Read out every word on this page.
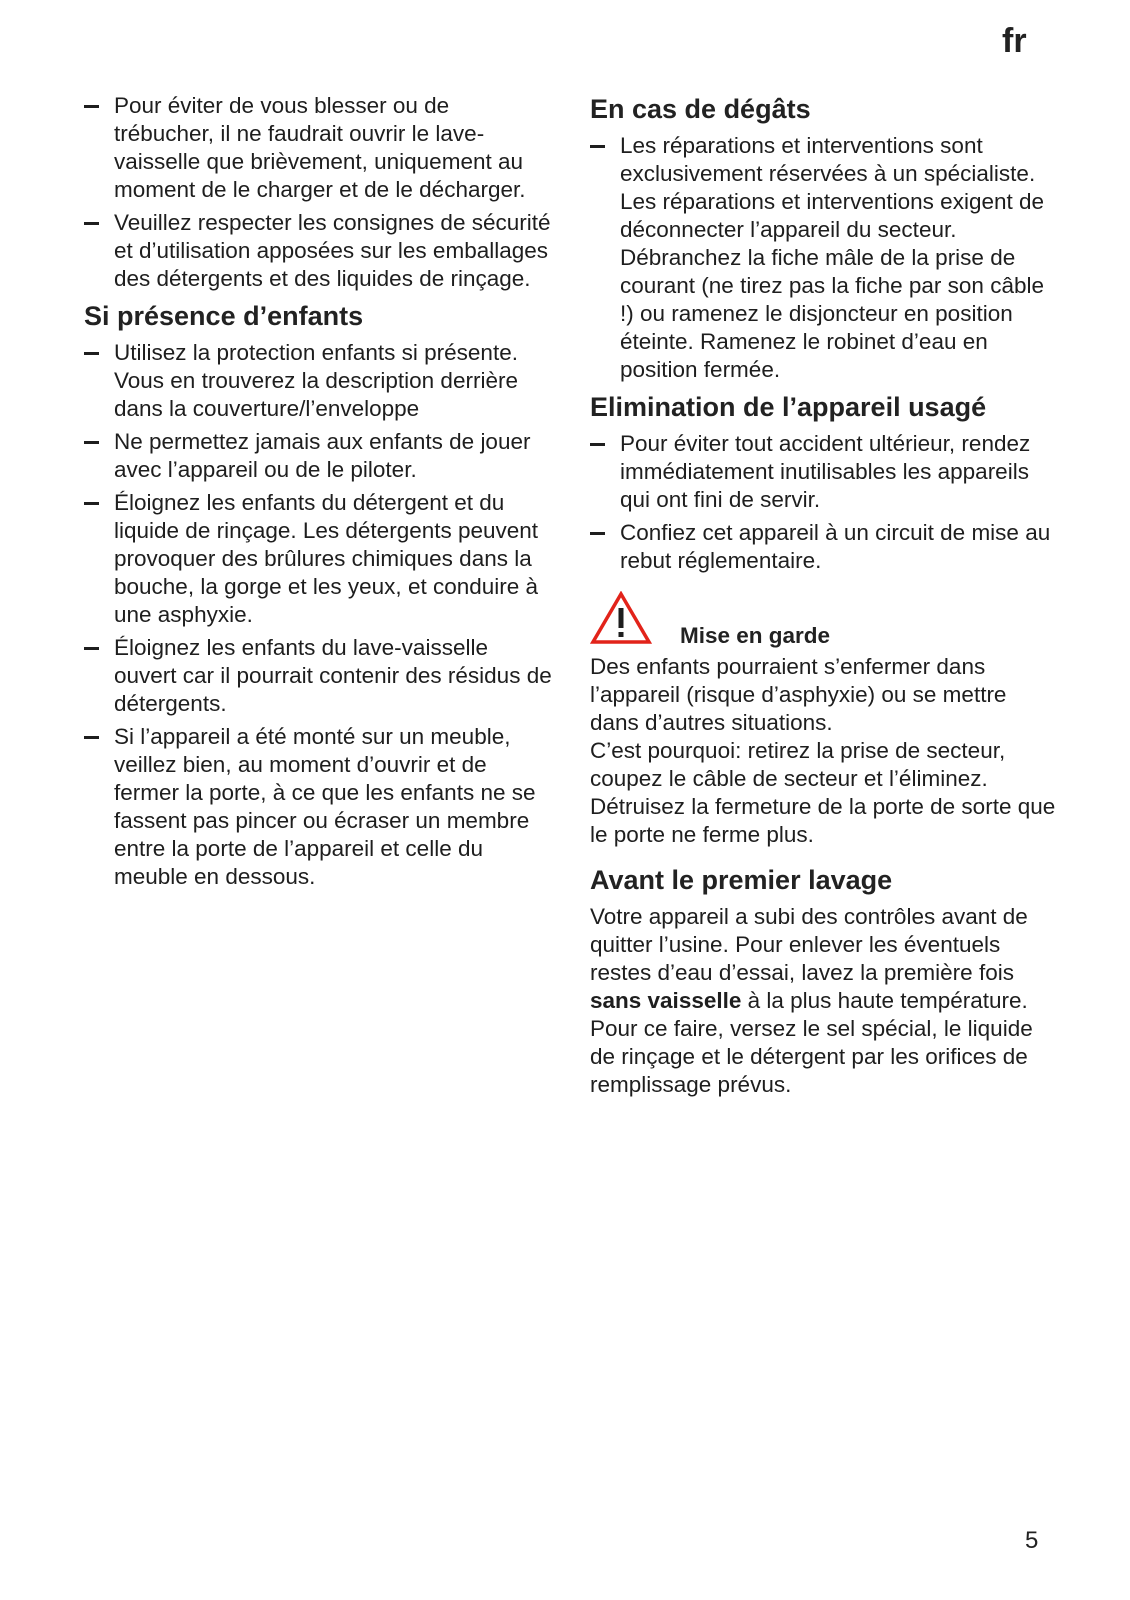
fr
Pour éviter de vous blesser ou de trébucher, il ne faudrait ouvrir le lave-vaisselle que brièvement, uniquement au moment de le charger et de le décharger.
Veuillez respecter les consignes de sécurité et d’utilisation apposées sur les emballages des détergents et des liquides de rinçage.
Si présence d’enfants
Utilisez la protection enfants si présente. Vous en trouverez la description derrière dans la couverture/l’enveloppe
Ne permettez jamais aux enfants de jouer avec l’appareil ou de le piloter.
Éloignez les enfants du détergent et du liquide de rinçage. Les détergents peuvent provoquer des brûlures chimiques dans la bouche, la gorge et les yeux, et conduire à une asphyxie.
Éloignez les enfants du lave-vaisselle ouvert car il pourrait contenir des résidus de détergents.
Si l’appareil a été monté sur un meuble, veillez bien, au moment d’ouvrir et de fermer la porte, à ce que les enfants ne se fassent pas pincer ou écraser un membre entre la porte de l’appareil et celle du meuble en dessous.
En cas de dégâts
Les réparations et interventions sont exclusivement réservées à un spécialiste. Les réparations et interventions exigent de déconnecter l’appareil du secteur. Débranchez la fiche mâle de la prise de courant (ne tirez pas la fiche par son câble !) ou ramenez le disjoncteur en position éteinte. Ramenez le robinet d’eau en position fermée.
Elimination de l’appareil usagé
Pour éviter tout accident ultérieur, rendez immédiatement inutilisables les appareils qui ont fini de servir.
Confiez cet appareil à un circuit de mise au rebut réglementaire.
Mise en garde

Des enfants pourraient s’enfermer dans l’appareil (risque d’asphyxie) ou se mettre dans d’autres situations.

C’est pourquoi: retirez la prise de secteur, coupez le câble de secteur et l’éliminez. Détruisez la fermeture de la porte de sorte que le porte ne ferme plus.

Avant le premier lavage

Votre appareil a subi des contrôles avant de quitter l’usine. Pour enlever les éventuels restes d’eau d’essai, lavez la première fois sans vaisselle à la plus haute température. Pour ce faire, versez le sel spécial, le liquide de rinçage et le détergent par les orifices de remplissage prévus.

5
